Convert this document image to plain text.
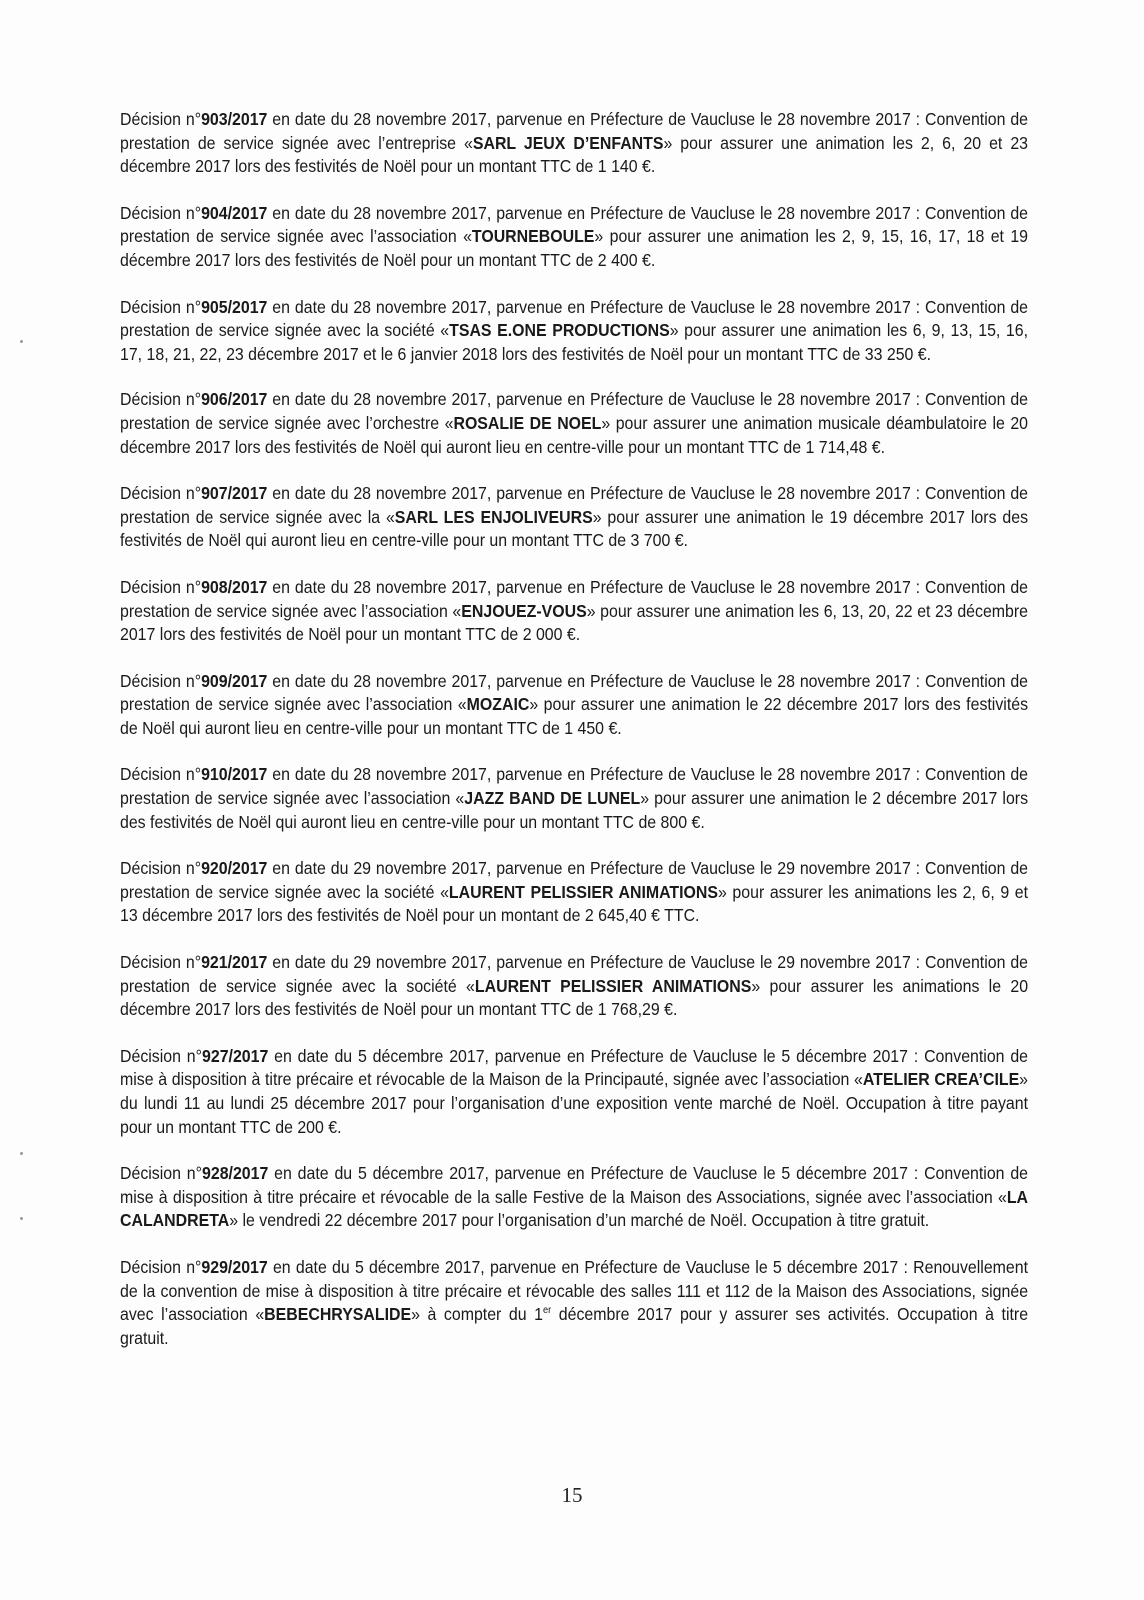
Décision n°903/2017 en date du 28 novembre 2017, parvenue en Préfecture de Vaucluse le 28 novembre 2017 : Convention de prestation de service signée avec l’entreprise «SARL JEUX D’ENFANTS» pour assurer une animation les 2, 6, 20 et 23 décembre 2017 lors des festivités de Noël pour un montant TTC de 1 140 €.

Décision n°904/2017 en date du 28 novembre 2017, parvenue en Préfecture de Vaucluse le 28 novembre 2017 : Convention de prestation de service signée avec l’association «TOURNEBOULE» pour assurer une animation les 2, 9, 15, 16, 17, 18 et 19 décembre 2017 lors des festivités de Noël pour un montant TTC de 2 400 €.

Décision n°905/2017 en date du 28 novembre 2017, parvenue en Préfecture de Vaucluse le 28 novembre 2017 : Convention de prestation de service signée avec la société «TSAS E.ONE PRODUCTIONS» pour assurer une animation les 6, 9, 13, 15, 16, 17, 18, 21, 22, 23 décembre 2017 et le 6 janvier 2018 lors des festivités de Noël pour un montant TTC de 33 250 €.

Décision n°906/2017 en date du 28 novembre 2017, parvenue en Préfecture de Vaucluse le 28 novembre 2017 : Convention de prestation de service signée avec l’orchestre «ROSALIE DE NOEL» pour assurer une animation musicale déambulatoire le 20 décembre 2017 lors des festivités de Noël qui auront lieu en centre-ville pour un montant TTC de 1 714,48 €.

Décision n°907/2017 en date du 28 novembre 2017, parvenue en Préfecture de Vaucluse le 28 novembre 2017 : Convention de prestation de service signée avec la «SARL LES ENJOLIVEURS» pour assurer une animation le 19 décembre 2017 lors des festivités de Noël qui auront lieu en centre-ville pour un montant TTC de 3 700 €.

Décision n°908/2017 en date du 28 novembre 2017, parvenue en Préfecture de Vaucluse le 28 novembre 2017 : Convention de prestation de service signée avec l’association «ENJOUEZ-VOUS» pour assurer une animation les 6, 13, 20, 22 et 23 décembre 2017 lors des festivités de Noël pour un montant TTC de 2 000 €.

Décision n°909/2017 en date du 28 novembre 2017, parvenue en Préfecture de Vaucluse le 28 novembre 2017 : Convention de prestation de service signée avec l’association «MOZAIC» pour assurer une animation le 22 décembre 2017 lors des festivités de Noël qui auront lieu en centre-ville pour un montant TTC de 1 450 €.

Décision n°910/2017 en date du 28 novembre 2017, parvenue en Préfecture de Vaucluse le 28 novembre 2017 : Convention de prestation de service signée avec l’association «JAZZ BAND DE LUNEL» pour assurer une animation le 2 décembre 2017 lors des festivités de Noël qui auront lieu en centre-ville pour un montant TTC de 800 €.

Décision n°920/2017 en date du 29 novembre 2017, parvenue en Préfecture de Vaucluse le 29 novembre 2017 : Convention de prestation de service signée avec la société «LAURENT PELISSIER ANIMATIONS» pour assurer les animations les 2, 6, 9 et 13 décembre 2017 lors des festivités de Noël pour un montant de 2 645,40 € TTC.

Décision n°921/2017 en date du 29 novembre 2017, parvenue en Préfecture de Vaucluse le 29 novembre 2017 : Convention de prestation de service signée avec la société «LAURENT PELISSIER ANIMATIONS» pour assurer les animations le 20 décembre 2017 lors des festivités de Noël pour un montant TTC de 1 768,29 €.

Décision n°927/2017 en date du 5 décembre 2017, parvenue en Préfecture de Vaucluse le 5 décembre 2017 : Convention de mise à disposition à titre précaire et révocable de la Maison de la Principauté, signée avec l’association «ATELIER CREA’CILE» du lundi 11 au lundi 25 décembre 2017 pour l’organisation d’une exposition vente marché de Noël. Occupation à titre payant pour un montant TTC de 200 €.

Décision n°928/2017 en date du 5 décembre 2017, parvenue en Préfecture de Vaucluse le 5 décembre 2017 : Convention de mise à disposition à titre précaire et révocable de la salle Festive de la Maison des Associations, signée avec l’association «LA CALANDRETA» le vendredi 22 décembre 2017 pour l’organisation d’un marché de Noël. Occupation à titre gratuit.

Décision n°929/2017 en date du 5 décembre 2017, parvenue en Préfecture de Vaucluse le 5 décembre 2017 : Renouvellement de la convention de mise à disposition à titre précaire et révocable des salles 111 et 112 de la Maison des Associations, signée avec l’association «BEBECHRYSALIDE» à compter du 1er décembre 2017 pour y assurer ses activités. Occupation à titre gratuit.

15
